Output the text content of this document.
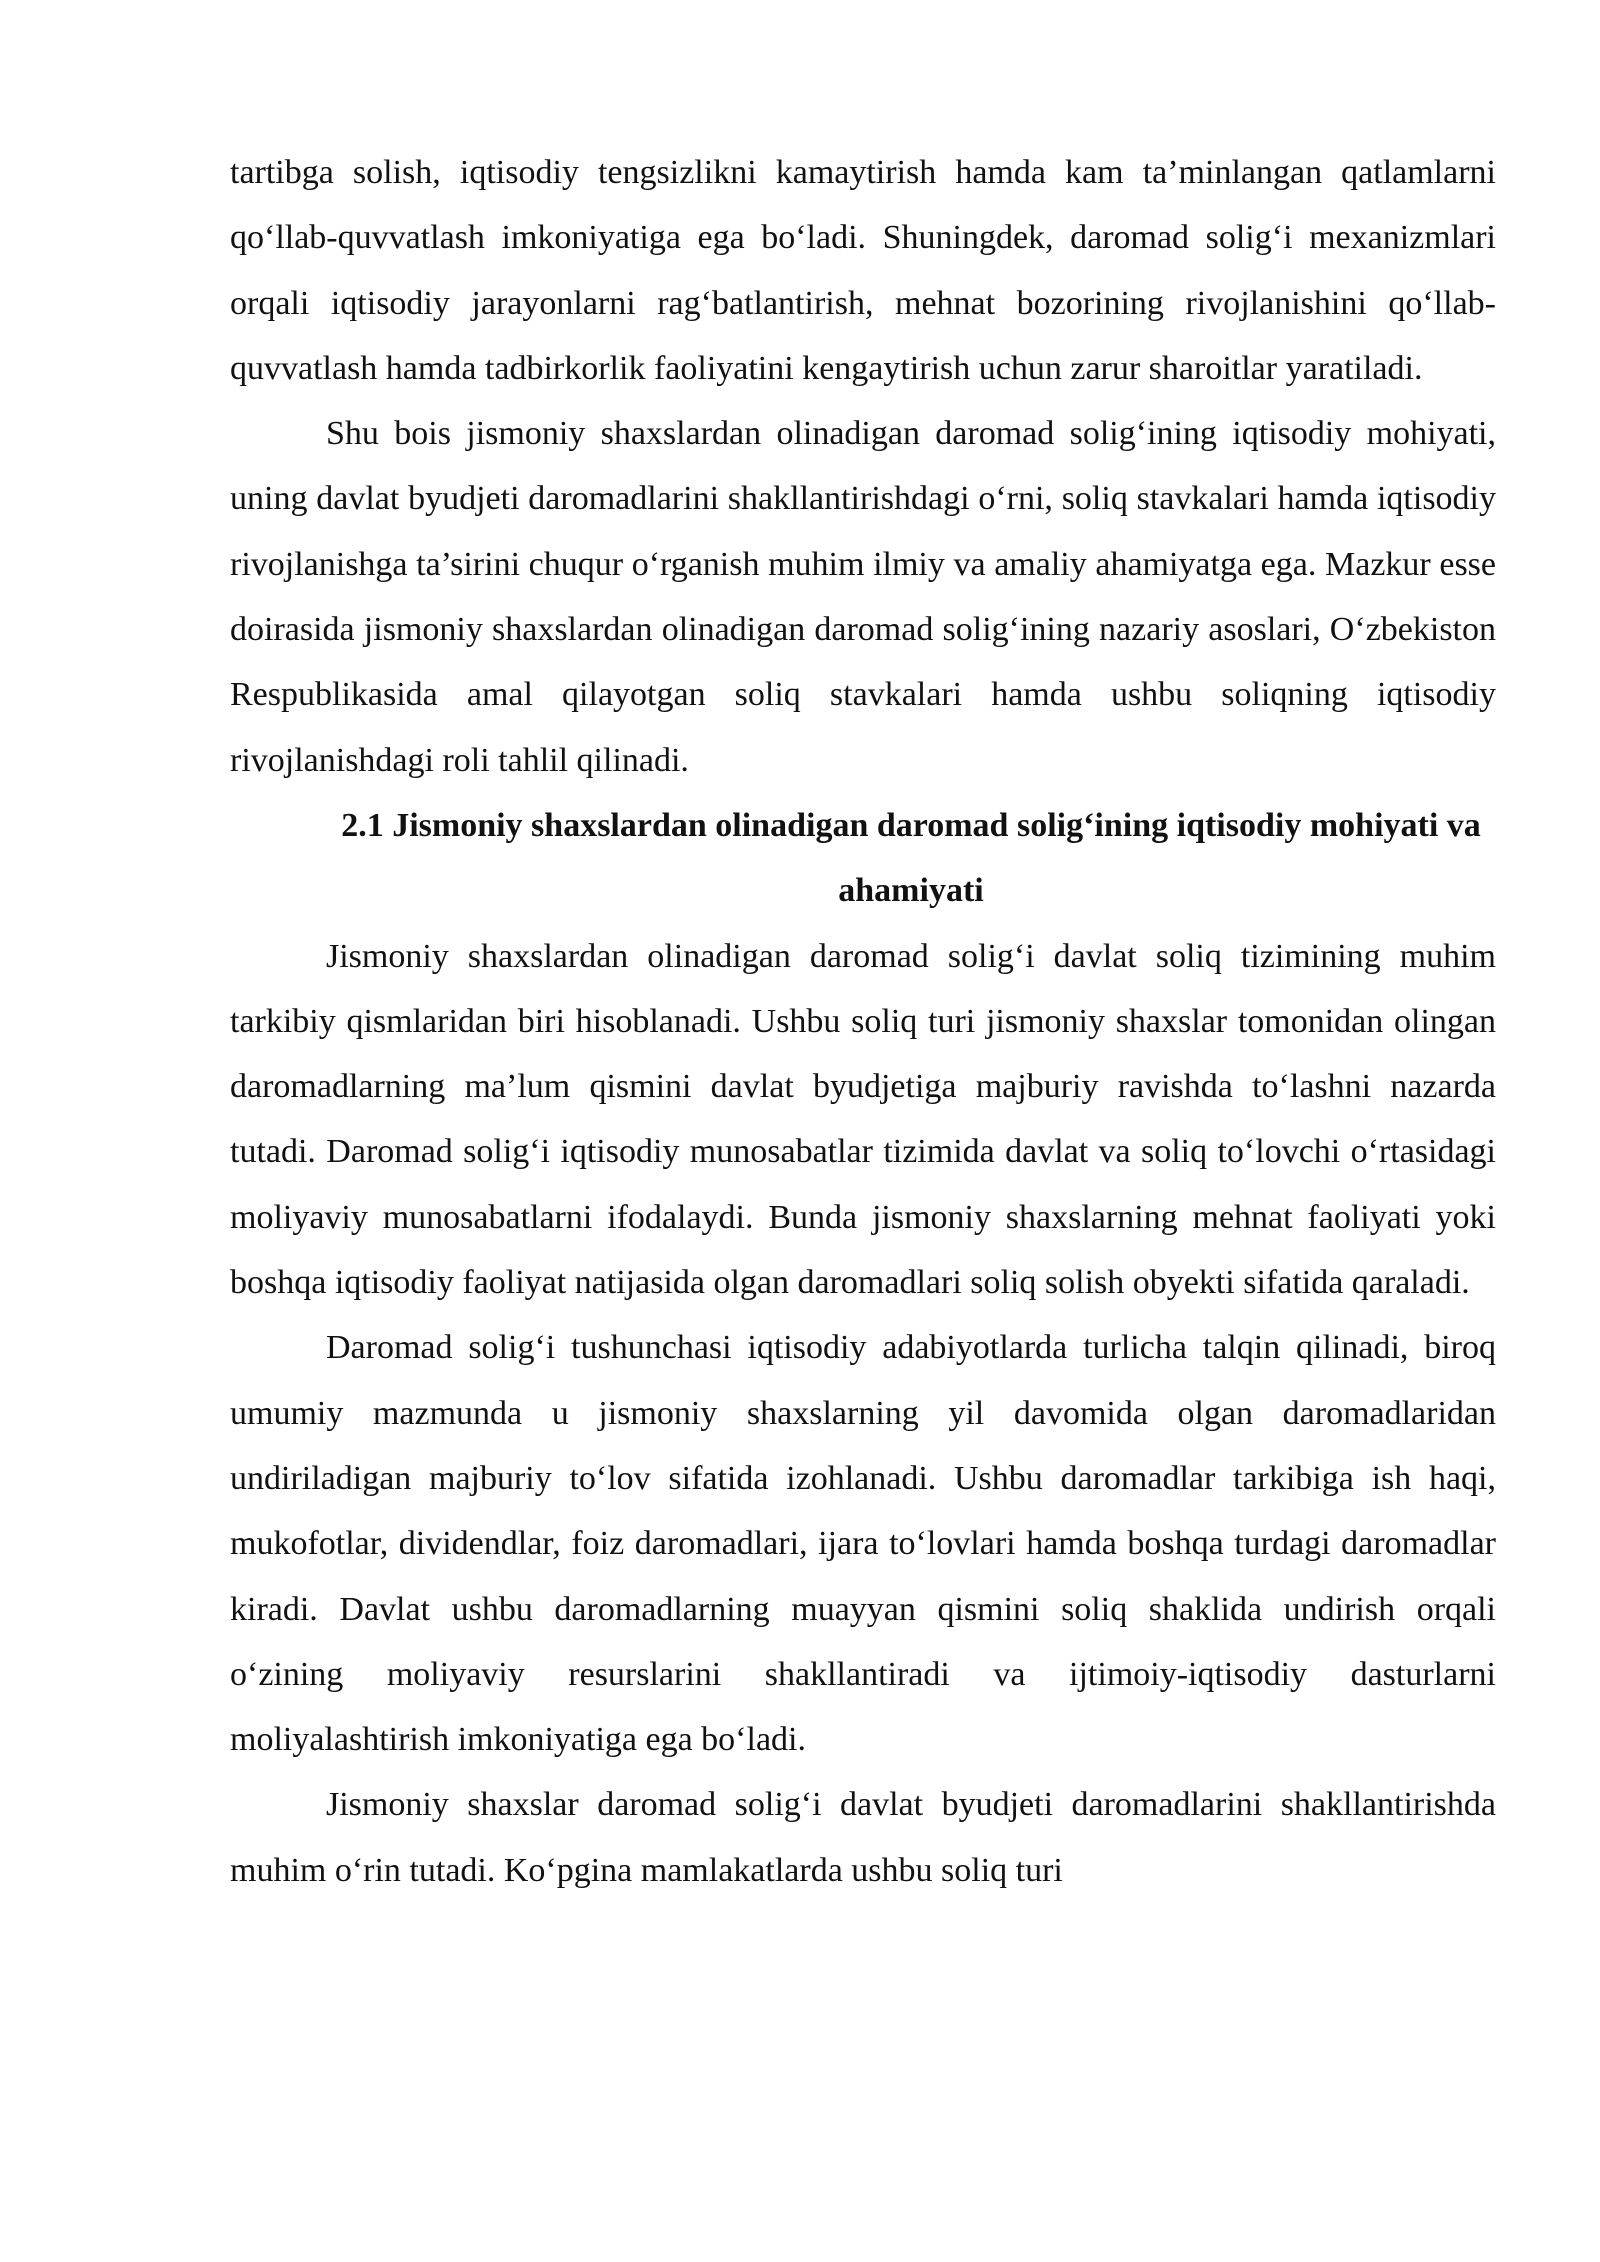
tartibga solish, iqtisodiy tengsizlikni kamaytirish hamda kam ta’minlangan qatlamlarni qo‘llab-quvvatlash imkoniyatiga ega bo‘ladi. Shuningdek, daromad solig‘i mexanizmlari orqali iqtisodiy jarayonlarni rag‘batlantirish, mehnat bozorining rivojlanishini qo‘llab-quvvatlash hamda tadbirkorlik faoliyatini kengaytirish uchun zarur sharoitlar yaratiladi.

Shu bois jismoniy shaxslardan olinadigan daromad solig‘ining iqtisodiy mohiyati, uning davlat byudjeti daromadlarini shakllantirishdagi o‘rni, soliq stavkalari hamda iqtisodiy rivojlanishga ta’sirini chuqur o‘rganish muhim ilmiy va amaliy ahamiyatga ega. Mazkur esse doirasida jismoniy shaxslardan olinadigan daromad solig‘ining nazariy asoslari, O‘zbekiston Respublikasida amal qilayotgan soliq stavkalari hamda ushbu soliqning iqtisodiy rivojlanishdagi roli tahlil qilinadi.

2.1 Jismoniy shaxslardan olinadigan daromad solig‘ining iqtisodiy mohiyati va ahamiyati

Jismoniy shaxslardan olinadigan daromad solig‘i davlat soliq tizimining muhim tarkibiy qismlaridan biri hisoblanadi. Ushbu soliq turi jismoniy shaxslar tomonidan olingan daromadlarning ma’lum qismini davlat byudjetiga majburiy ravishda to‘lashni nazarda tutadi. Daromad solig‘i iqtisodiy munosabatlar tizimida davlat va soliq to‘lovchi o‘rtasidagi moliyaviy munosabatlarni ifodalaydi. Bunda jismoniy shaxslarning mehnat faoliyati yoki boshqa iqtisodiy faoliyat natijasida olgan daromadlari soliq solish obyekti sifatida qaraladi.

Daromad solig‘i tushunchasi iqtisodiy adabiyotlarda turlicha talqin qilinadi, biroq umumiy mazmunda u jismoniy shaxslarning yil davomida olgan daromadlaridan undiriladigan majburiy to‘lov sifatida izohlanadi. Ushbu daromadlar tarkibiga ish haqi, mukofotlar, dividendlar, foiz daromadlari, ijara to‘lovlari hamda boshqa turdagi daromadlar kiradi. Davlat ushbu daromadlarning muayyan qismini soliq shaklida undirish orqali o‘zining moliyaviy resurslarini shakllantiradi va ijtimoiy-iqtisodiy dasturlarni moliyalashtirish imkoniyatiga ega bo‘ladi.

Jismoniy shaxslar daromad solig‘i davlat byudjeti daromadlarini shakllantirishda muhim o‘rin tutadi. Ko‘pgina mamlakatlarda ushbu soliq turi
